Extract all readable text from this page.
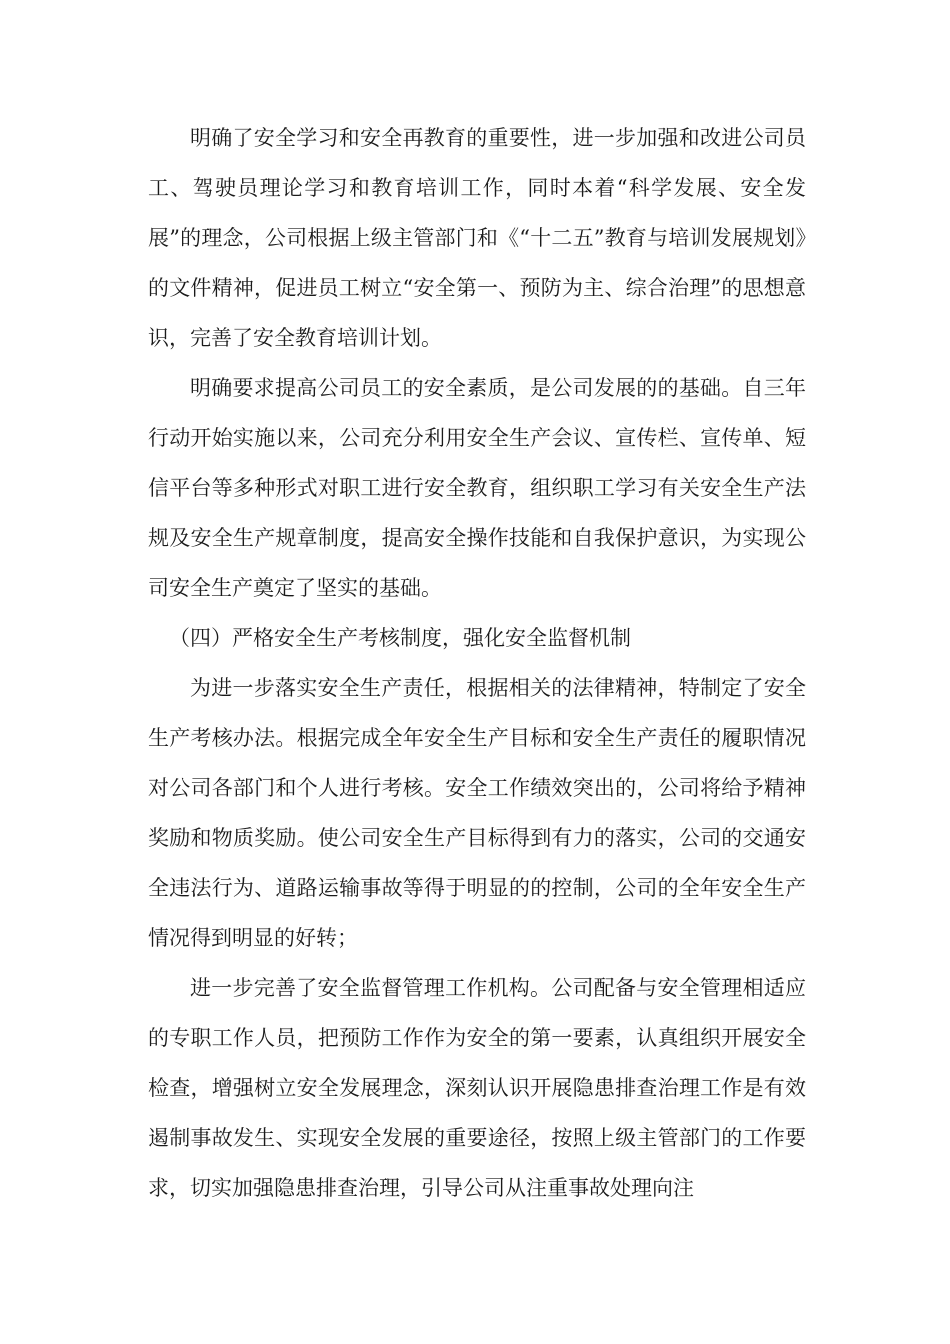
明确了安全学习和安全再教育的重要性，进一步加强和改进公司员工、驾驶员理论学习和教育培训工作，同时本着“科学发展、安全发展”的理念，公司根据上级主管部门和《“十二五”教育与培训发展规划》的文件精神，促进员工树立“安全第一、预防为主、综合治理”的思想意识，完善了安全教育培训计划。

明确要求提高公司员工的安全素质，是公司发展的的基础。自三年行动开始实施以来，公司充分利用安全生产会议、宣传栏、宣传单、短信平台等多种形式对职工进行安全教育，组织职工学习有关安全生产法规及安全生产规章制度，提高安全操作技能和自我保护意识，为实现公司安全生产奠定了坚实的基础。

（四）严格安全生产考核制度，强化安全监督机制

为进一步落实安全生产责任，根据相关的法律精神，特制定了安全生产考核办法。根据完成全年安全生产目标和安全生产责任的履职情况对公司各部门和个人进行考核。安全工作绩效突出的，公司将给予精神奖励和物质奖励。使公司安全生产目标得到有力的落实，公司的交通安全违法行为、道路运输事故等得于明显的的控制，公司的全年安全生产情况得到明显的好转；

进一步完善了安全监督管理工作机构。公司配备与安全管理相适应的专职工作人员，把预防工作作为安全的第一要素，认真组织开展安全检查，增强树立安全发展理念，深刻认识开展隐患排查治理工作是有效遏制事故发生、实现安全发展的重要途径，按照上级主管部门的工作要求，切实加强隐患排查治理，引导公司从注重事故处理向注
